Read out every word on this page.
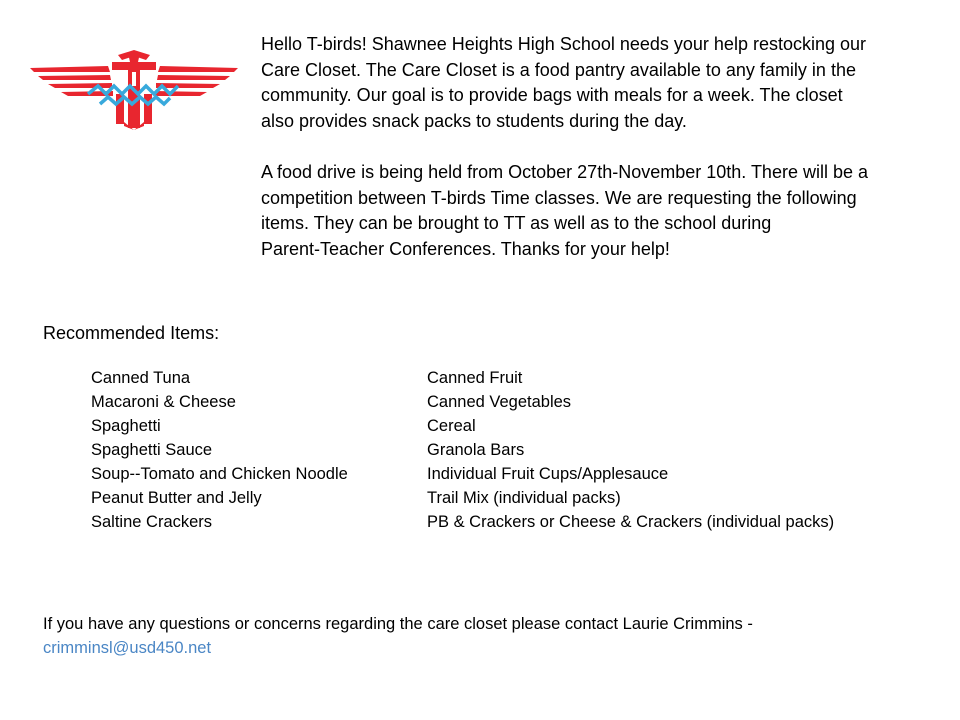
Hello T-birds! Shawnee Heights High School needs your help restocking our
Care Closet. The Care Closet is a food pantry available to any family in the
community. Our goal is to provide bags with meals for a week. The closet
also provides snack packs to students during the day.

A food drive is being held from October 27th-November 10th. There will be a
competition between T-birds Time classes. We are requesting the following
items. They can be brought to TT as well as to the school during
Parent-Teacher Conferences. Thanks for your help!

Recommended Items:
Canned Tuna
Macaroni & Cheese
Spaghetti
Spaghetti Sauce
Soup--Tomato and Chicken Noodle
Peanut Butter and Jelly
Saltine Crackers
Canned Fruit
Canned Vegetables
Cereal
Granola Bars
Individual Fruit Cups/Applesauce
Trail Mix (individual packs)
PB & Crackers or Cheese & Crackers (individual packs)

If you have any questions or concerns regarding the care closet please contact Laurie Crimmins -
crimminsl@usd450.net
